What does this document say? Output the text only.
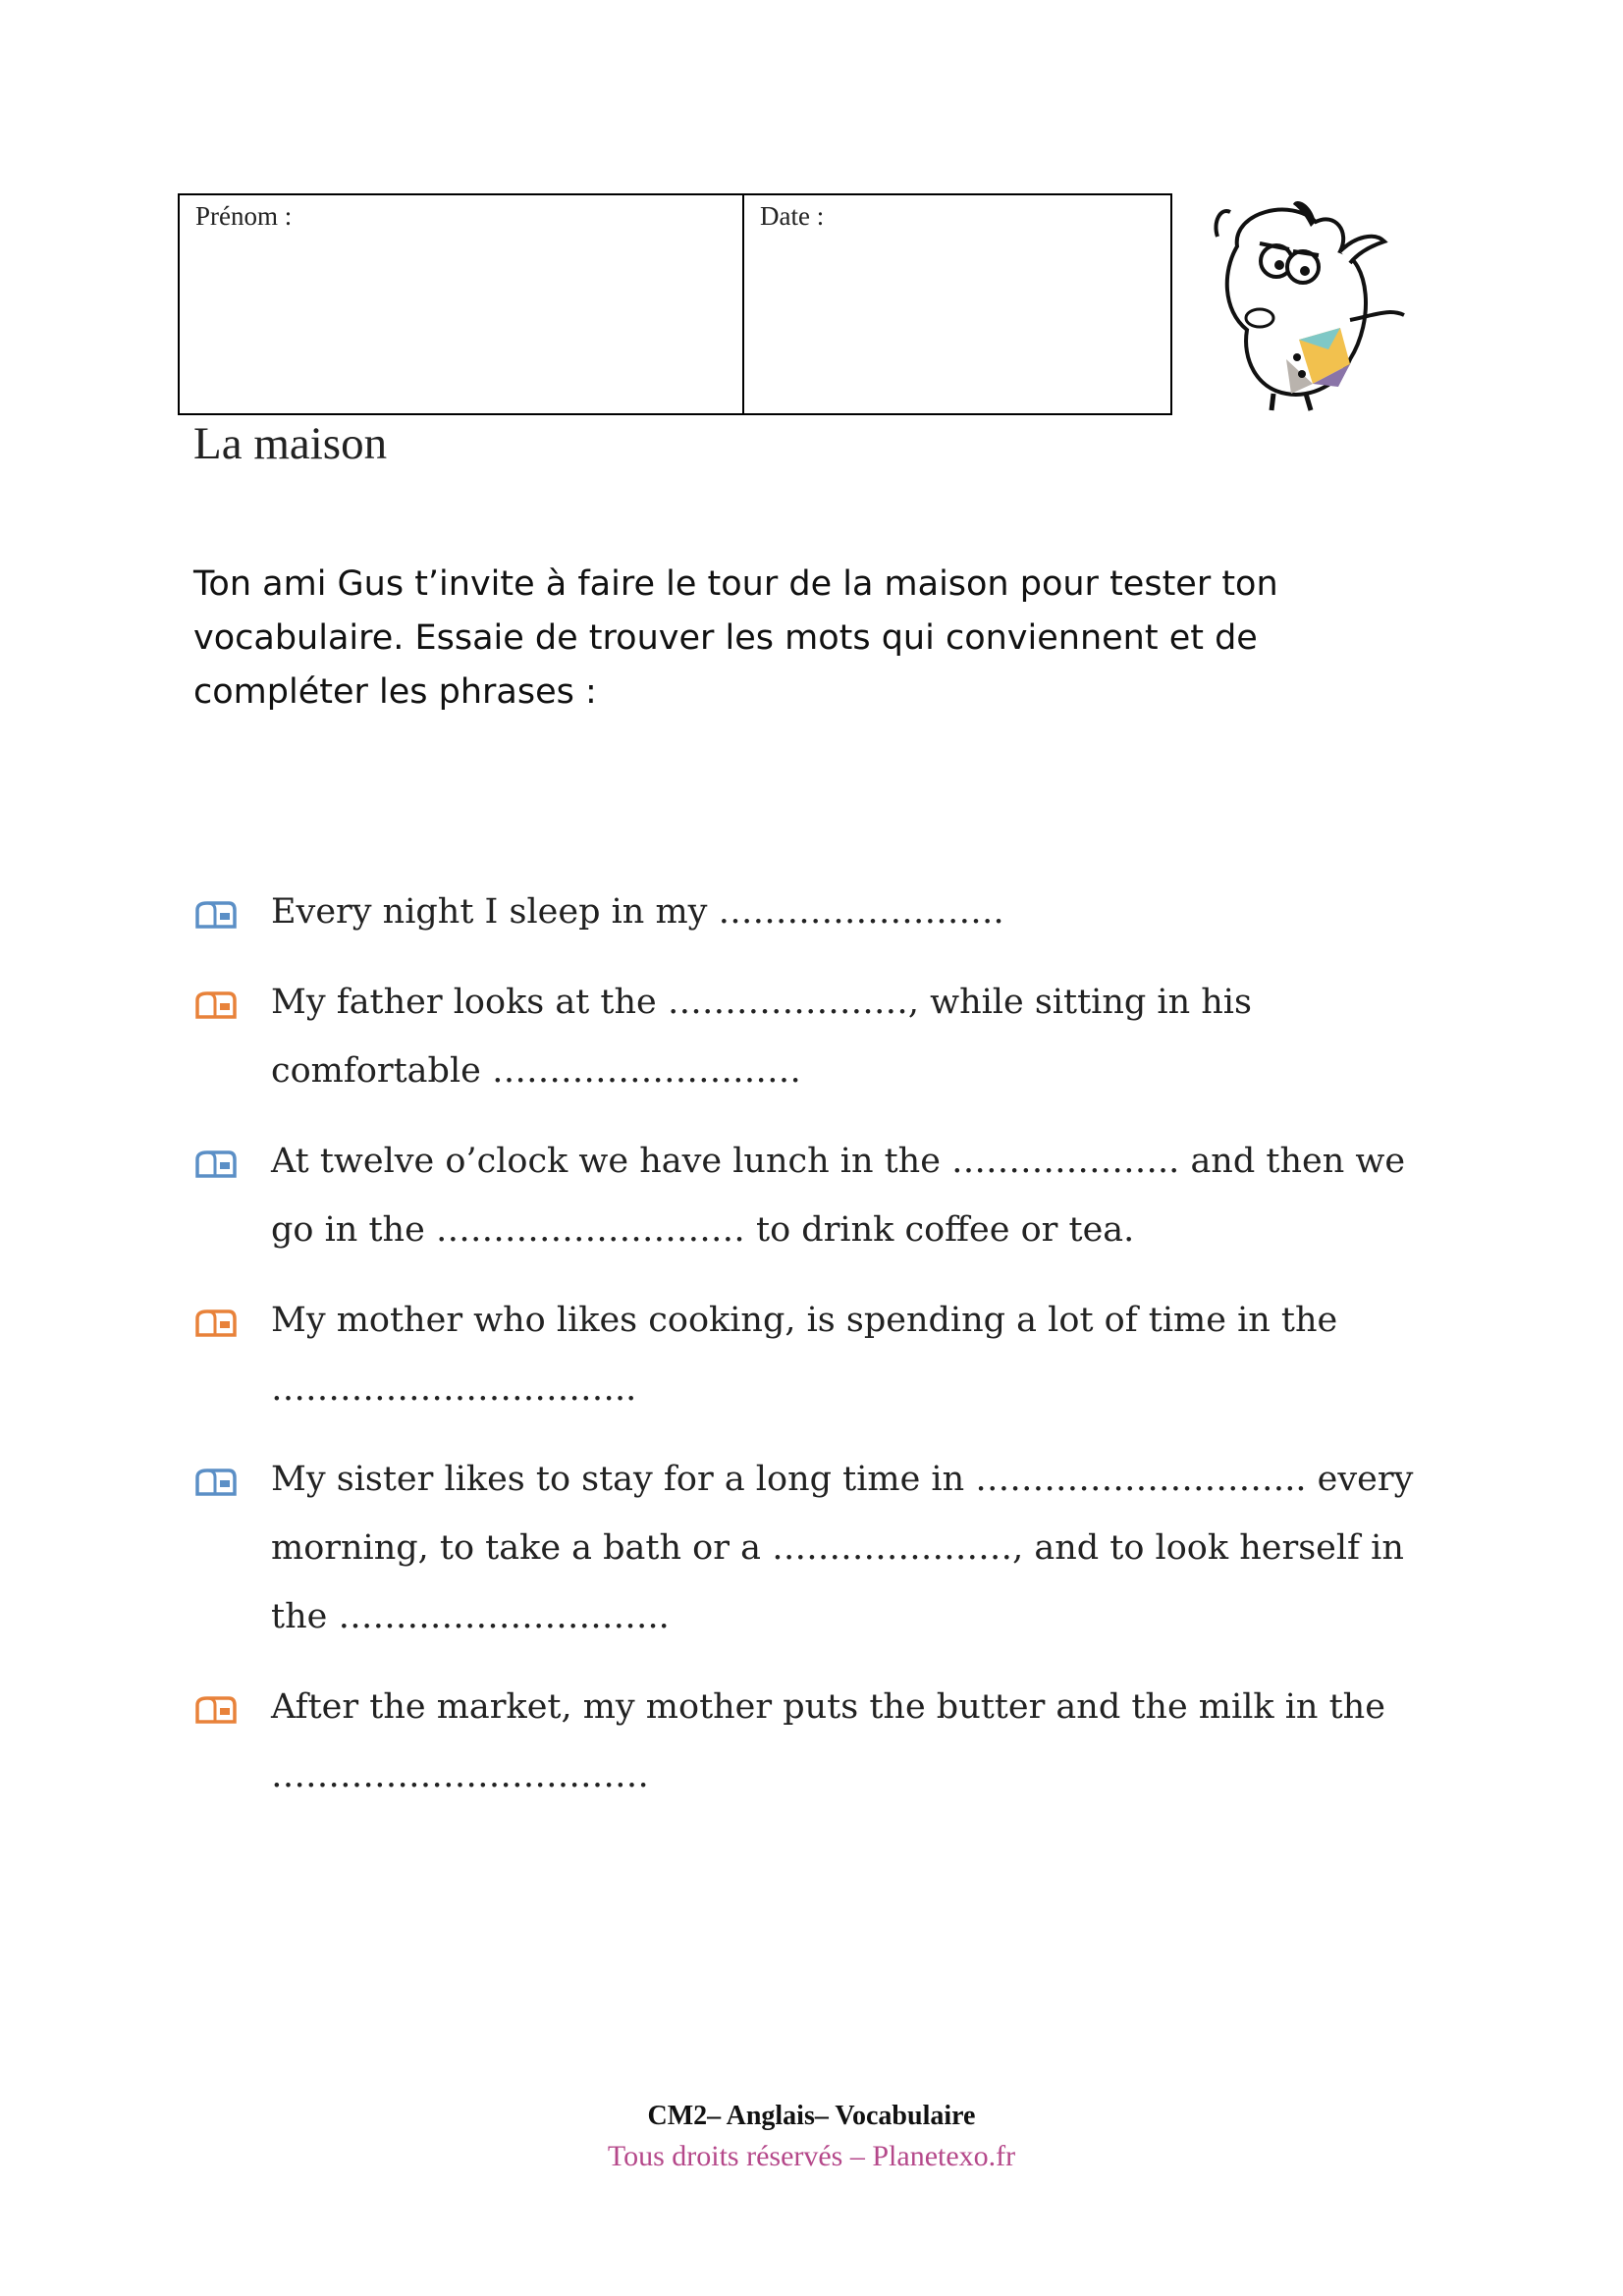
Prénom :	Date :
La maison

Ton ami Gus t’invite à faire le tour de la maison pour tester ton vocabulaire. Essaie de trouver les mots qui conviennent et de compléter les phrases :

Every night I sleep in my …………………….
My father looks at the …………………, while sitting in his comfortable ………………………
At twelve o’clock we have lunch in the ……………….. and then we go in the ……………………… to drink coffee or tea.
My mother who likes cooking, is spending a lot of time in the …………………………..
My sister likes to stay for a long time in ……………………….. every morning, to take a bath or a …………………, and to look herself in the ………………………..
After the market, my mother puts the butter and the milk in the ……………………………
CM2– Anglais– Vocabulaire
Tous droits réservés – Planetexo.fr
